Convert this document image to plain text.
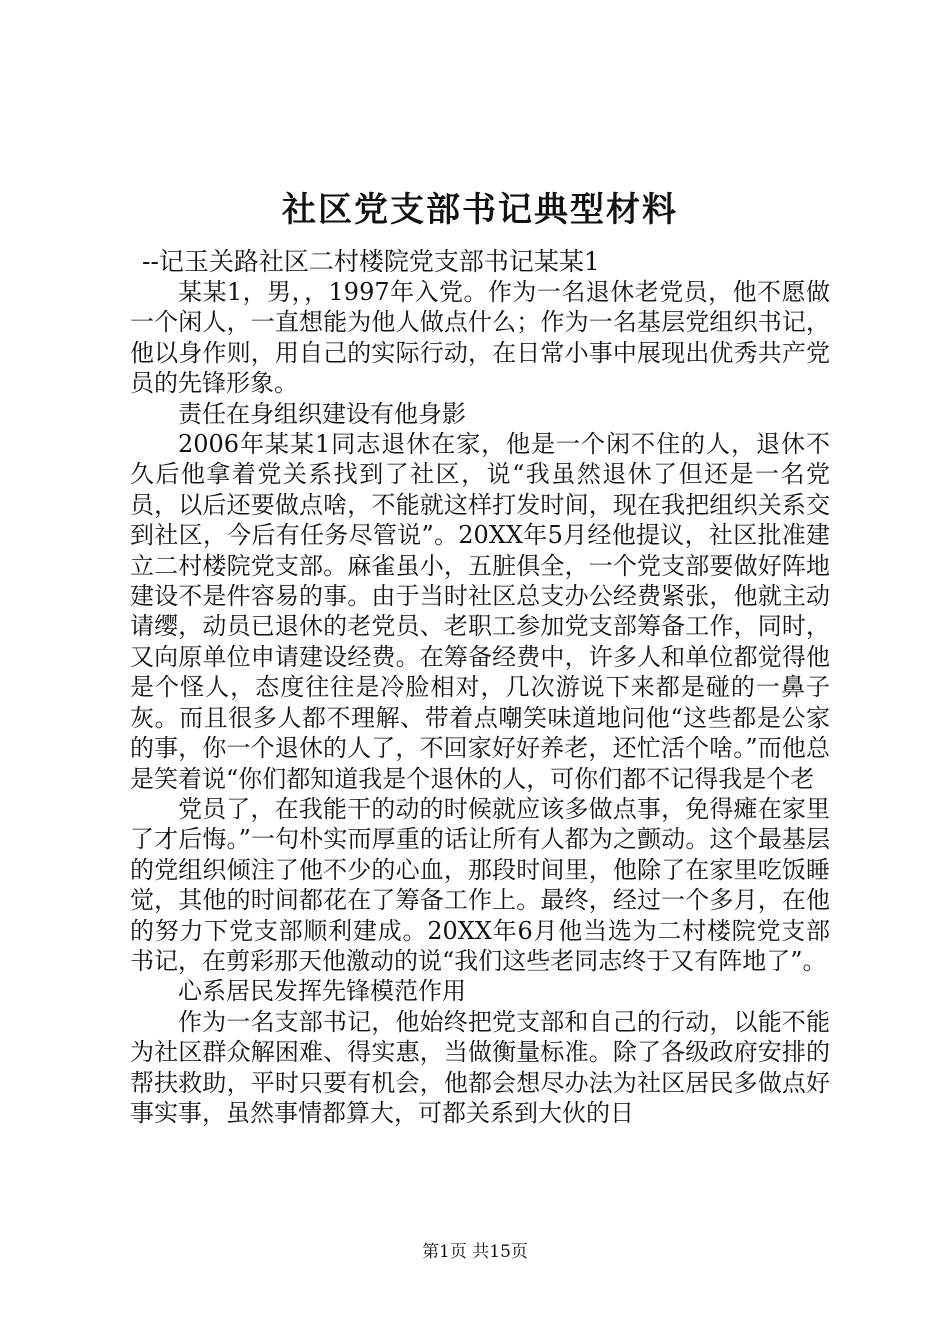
社区党支部书记典型材料

--记玉关路社区二村楼院党支部书记某某1

某某1，男，，1997年入党。作为一名退休老党员，他不愿做一个闲人，一直想能为他人做点什么；作为一名基层党组织书记，他以身作则，用自己的实际行动，在日常小事中展现出优秀共产党员的先锋形象。

责任在身组织建设有他身影

2006年某某1同志退休在家，他是一个闲不住的人，退休不久后他拿着党关系找到了社区，说“我虽然退休了但还是一名党员，以后还要做点啥，不能就这样打发时间，现在我把组织关系交到社区，今后有任务尽管说”。20XX年5月经他提议，社区批准建立二村楼院党支部。麻雀虽小，五脏俱全，一个党支部要做好阵地建设不是件容易的事。由于当时社区总支办公经费紧张，他就主动请缨，动员已退休的老党员、老职工参加党支部筹备工作，同时，又向原单位申请建设经费。在筹备经费中，许多人和单位都觉得他是个怪人，态度往往是冷脸相对，几次游说下来都是碰的一鼻子灰。而且很多人都不理解、带着点嘲笑味道地问他“这些都是公家的事，你一个退休的人了，不回家好好养老，还忙活个啥。”而他总是笑着说“你们都知道我是个退休的人，可你们都不记得我是个老

党员了，在我能干的动的时候就应该多做点事，免得瘫在家里了才后悔。”一句朴实而厚重的话让所有人都为之颤动。这个最基层的党组织倾注了他不少的心血，那段时间里，他除了在家里吃饭睡觉，其他的时间都花在了筹备工作上。最终，经过一个多月，在他的努力下党支部顺利建成。20XX年6月他当选为二村楼院党支部书记，在剪彩那天他激动的说“我们这些老同志终于又有阵地了”。

心系居民发挥先锋模范作用

作为一名支部书记，他始终把党支部和自己的行动，以能不能为社区群众解困难、得实惠，当做衡量标准。除了各级政府安排的帮扶救助，平时只要有机会，他都会想尽办法为社区居民多做点好事实事，虽然事情都算大，可都关系到大伙的日

第1页 共15页
